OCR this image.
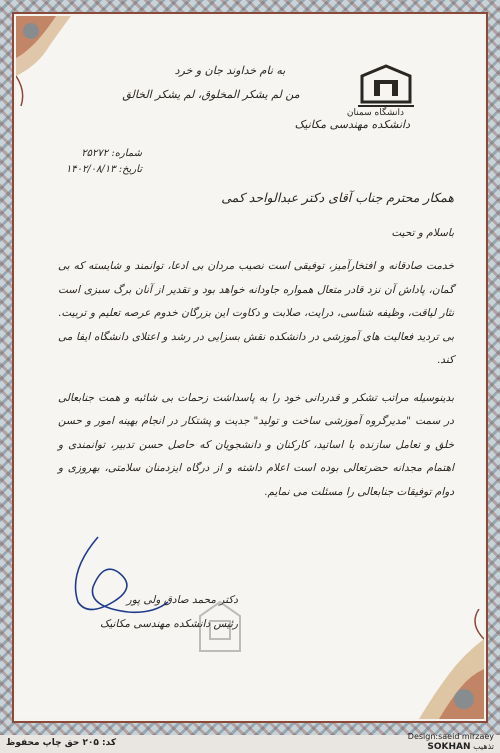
دانشگاه سمنان
دانشکده مهندسی مکانیک
به نام خداوند جان و خرد
من لم یشکر المخلوق، لم یشکر الخالق
شماره: ۲۵۲۷۲
تاریخ: ۱۴۰۲/۰۸/۱۳
همکار محترم جناب آقای دکتر عبدالواحد کمی
باسلام و تحیت

خدمت صادقانه و افتخارآمیز، توفیقی است نصیب مردان بی ادعا، توانمند و شایسته که بی گمان، پاداش آن نزد قادر متعال همواره جاودانه خواهد بود و تقدیر از آنان برگ سبزی است نثار لیاقت، وظیفه شناسی، درایت، صلابت و دکاوت این بزرگان خدوم عرصه تعلیم و تربیت. بی تردید فعالیت های آموزشی در دانشکده نقش بسزایی در رشد و اعتلای دانشگاه ایفا می کند.

بدینوسیله مراتب تشکر و قدردانی خود را به پاسداشت زحمات بی شائبه و همت جنابعالی در سمت "مدیرگروه آموزشی ساخت و تولید" جدیت و پشتکار در انجام بهینه امور و حسن خلق و تعامل سازنده با اساتید، کارکنان و دانشجویان که حاصل حسن تدبیر، توانمندی و اهتمام مجدانه حضرتعالی بوده است اعلام داشته و از درگاه ایزدمنان سلامتی، بهروزی و دوام توفیقات جنابعالی را مسئلت می نمایم.

دکتر محمد صادق ولی پور
رئیس دانشکده مهندسی مکانیک
کد: ۲۰۵ حق چاپ محفوظ
Design:saeid mirzaey
SOKHAN تذهیب
